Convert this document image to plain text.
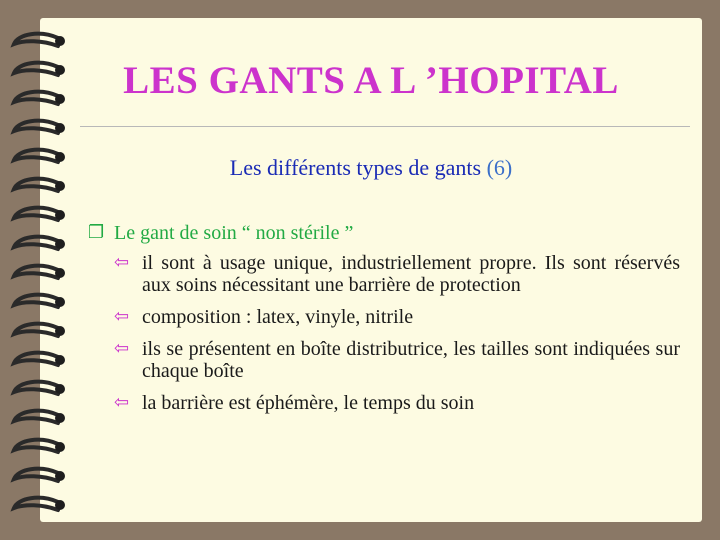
LES GANTS A L ’HOPITAL
Les différents types de gants (6)
❐ Le gant de soin “ non stérile ”
⇦ il sont à usage unique, industriellement propre. Ils sont réservés aux soins nécessitant une barrière de protection
⇦ composition : latex, vinyle, nitrile
⇦ ils se présentent en boîte distributrice, les tailles sont indiquées sur chaque boîte
⇦ la barrière est éphémère, le temps du soin
